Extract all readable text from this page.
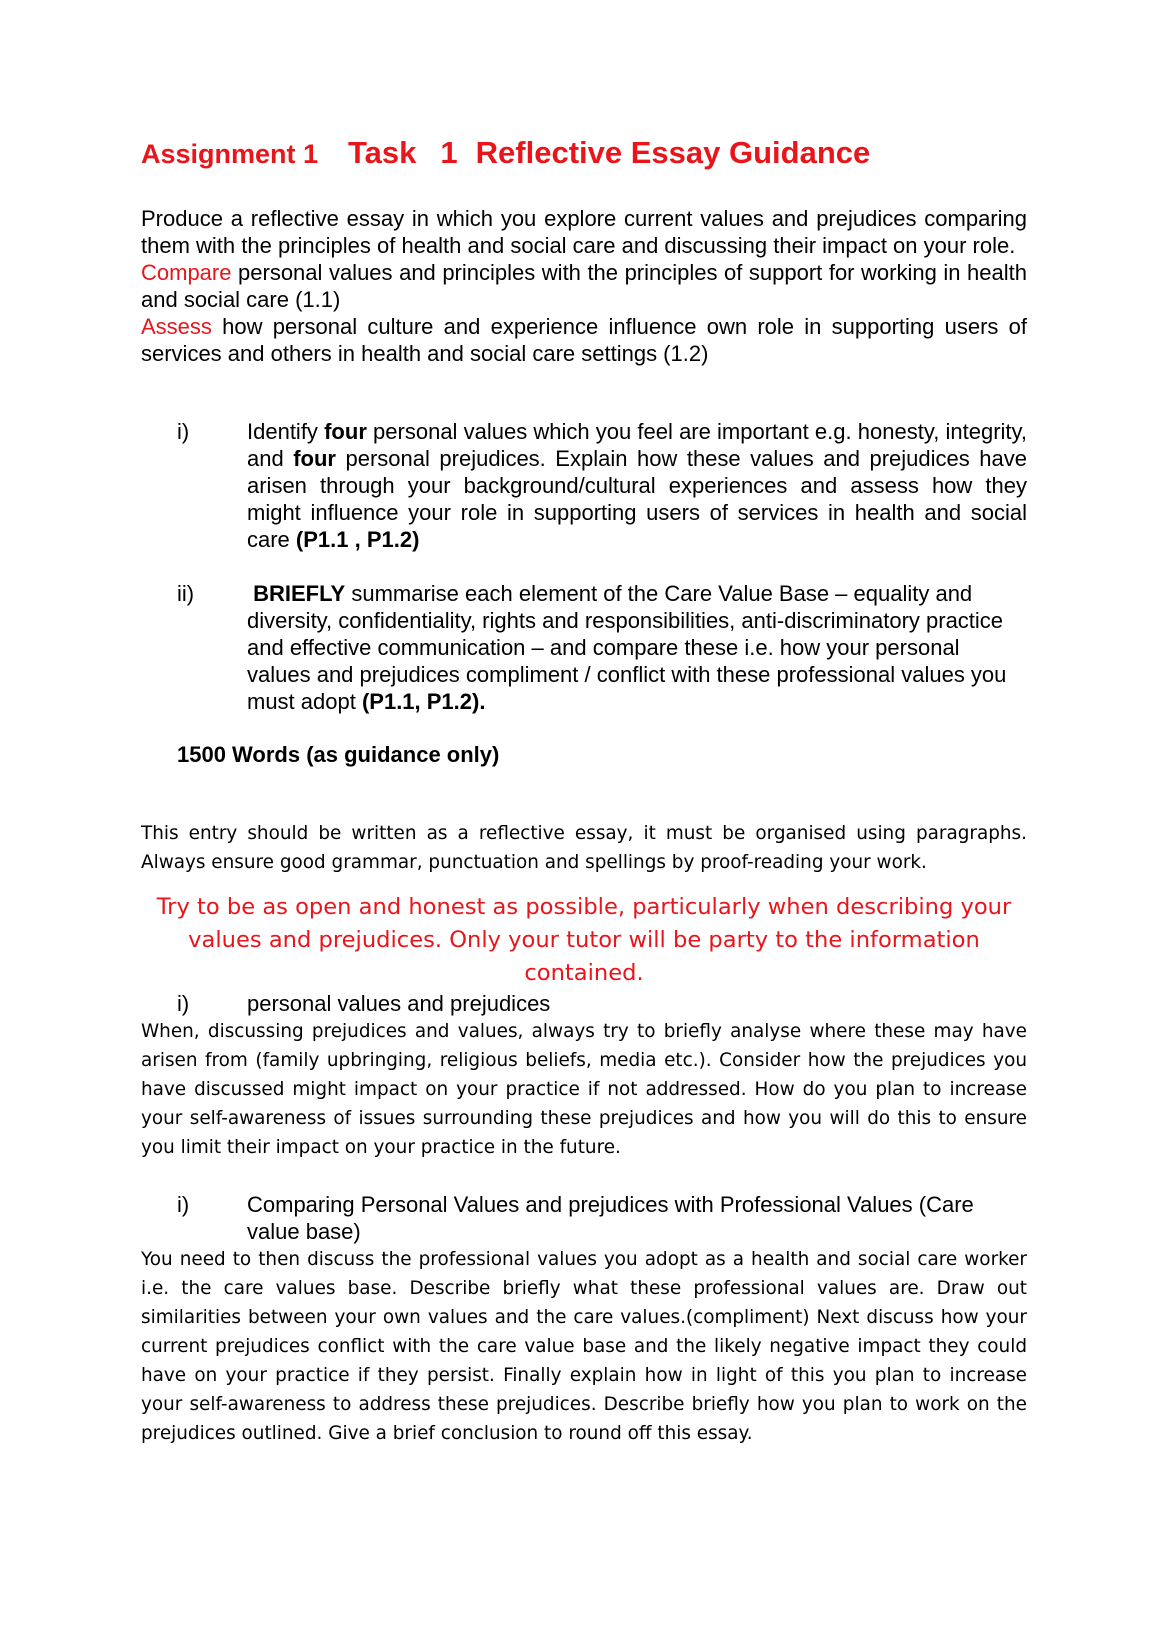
Assignment 1 Task 1 Reflective Essay Guidance

Produce a reflective essay in which you explore current values and prejudices comparing them with the principles of health and social care and discussing their impact on your role.

Compare personal values and principles with the principles of support for working in health and social care (1.1)

Assess how personal culture and experience influence own role in supporting users of services and others in health and social care settings (1.2)

i)	Identify four personal values which you feel are important e.g. honesty, integrity, and four personal prejudices. Explain how these values and prejudices have arisen through your background/cultural experiences and assess how they might influence your role in supporting users of services in health and social care (P1.1 , P1.2)

ii)	BRIEFLY summarise each element of the Care Value Base – equality and diversity, confidentiality, rights and responsibilities, anti-discriminatory practice and effective communication – and compare these i.e. how your personal values and prejudices compliment / conflict with these professional values you must adopt (P1.1, P1.2).

1500 Words (as guidance only)

This entry should be written as a reflective essay, it must be organised using paragraphs. Always ensure good grammar, punctuation and spellings by proof-reading your work.

Try to be as open and honest as possible, particularly when describing your values and prejudices. Only your tutor will be party to the information contained.

i)	personal values and prejudices

When, discussing prejudices and values, always try to briefly analyse where these may have arisen from (family upbringing, religious beliefs, media etc.). Consider how the prejudices you have discussed might impact on your practice if not addressed. How do you plan to increase your self-awareness of issues surrounding these prejudices and how you will do this to ensure you limit their impact on your practice in the future.

i)	Comparing Personal Values and prejudices with Professional Values (Care value base)

You need to then discuss the professional values you adopt as a health and social care worker i.e. the care values base. Describe briefly what these professional values are. Draw out similarities between your own values and the care values.(compliment) Next discuss how your current prejudices conflict with the care value base and the likely negative impact they could have on your practice if they persist. Finally explain how in light of this you plan to increase your self-awareness to address these prejudices. Describe briefly how you plan to work on the prejudices outlined. Give a brief conclusion to round off this essay.
